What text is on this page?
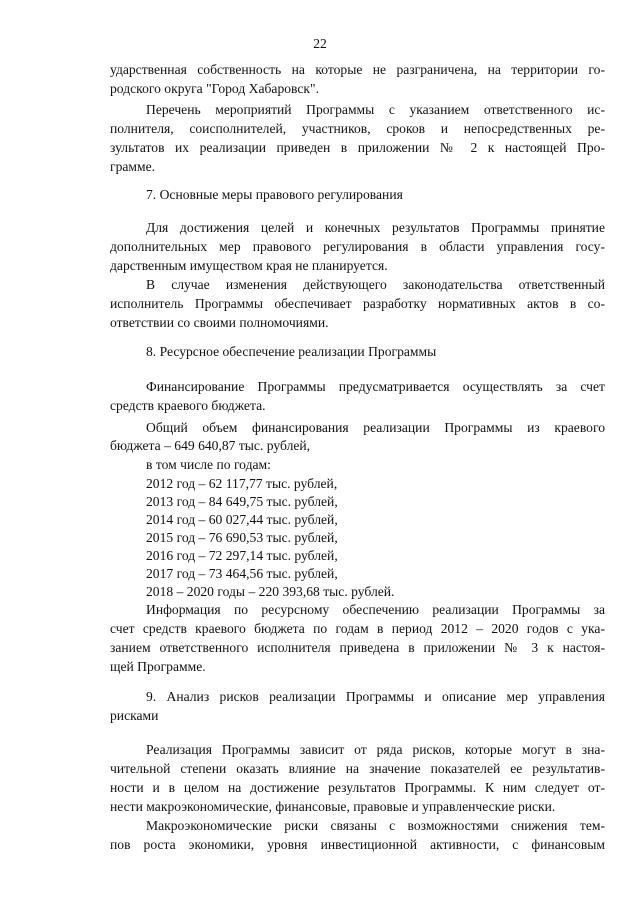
22
ударственная собственность на которые не разграничена, на территории го-
родского округа "Город Хабаровск".
Перечень мероприятий Программы с указанием ответственного ис-
полнителя, соисполнителей, участников, сроков и непосредственных ре-
зультатов их реализации приведен в приложении № 2 к настоящей Про-
грамме.
7. Основные меры правового регулирования
Для достижения целей и конечных результатов Программы принятие
дополнительных мер правового регулирования в области управления госу-
дарственным имуществом края не планируется.
В случае изменения действующего законодательства ответственный
исполнитель Программы обеспечивает разработку нормативных актов в со-
ответствии со своими полномочиями.
8. Ресурсное обеспечение реализации Программы
Финансирование Программы предусматривается осуществлять за счет
средств краевого бюджета.
Общий объем финансирования реализации Программы из краевого
бюджета – 649 640,87 тыс. рублей,
в том числе по годам:
2012 год – 62 117,77 тыс. рублей,
2013 год – 84 649,75 тыс. рублей,
2014 год – 60 027,44 тыс. рублей,
2015 год – 76 690,53 тыс. рублей,
2016 год – 72 297,14 тыс. рублей,
2017 год – 73 464,56 тыс. рублей,
2018 – 2020 годы – 220 393,68 тыс. рублей.
Информация по ресурсному обеспечению реализации Программы за
счет средств краевого бюджета по годам в период 2012 – 2020 годов с ука-
занием ответственного исполнителя приведена в приложении № 3 к настоя-
щей Программе.
9. Анализ рисков реализации Программы и описание мер управления
рисками
Реализация Программы зависит от ряда рисков, которые могут в зна-
чительной степени оказать влияние на значение показателей ее результатив-
ности и в целом на достижение результатов Программы. К ним следует от-
нести макроэкономические, финансовые, правовые и управленческие риски.
Макроэкономические риски связаны с возможностями снижения тем-
пов роста экономики, уровня инвестиционной активности, с финансовым
